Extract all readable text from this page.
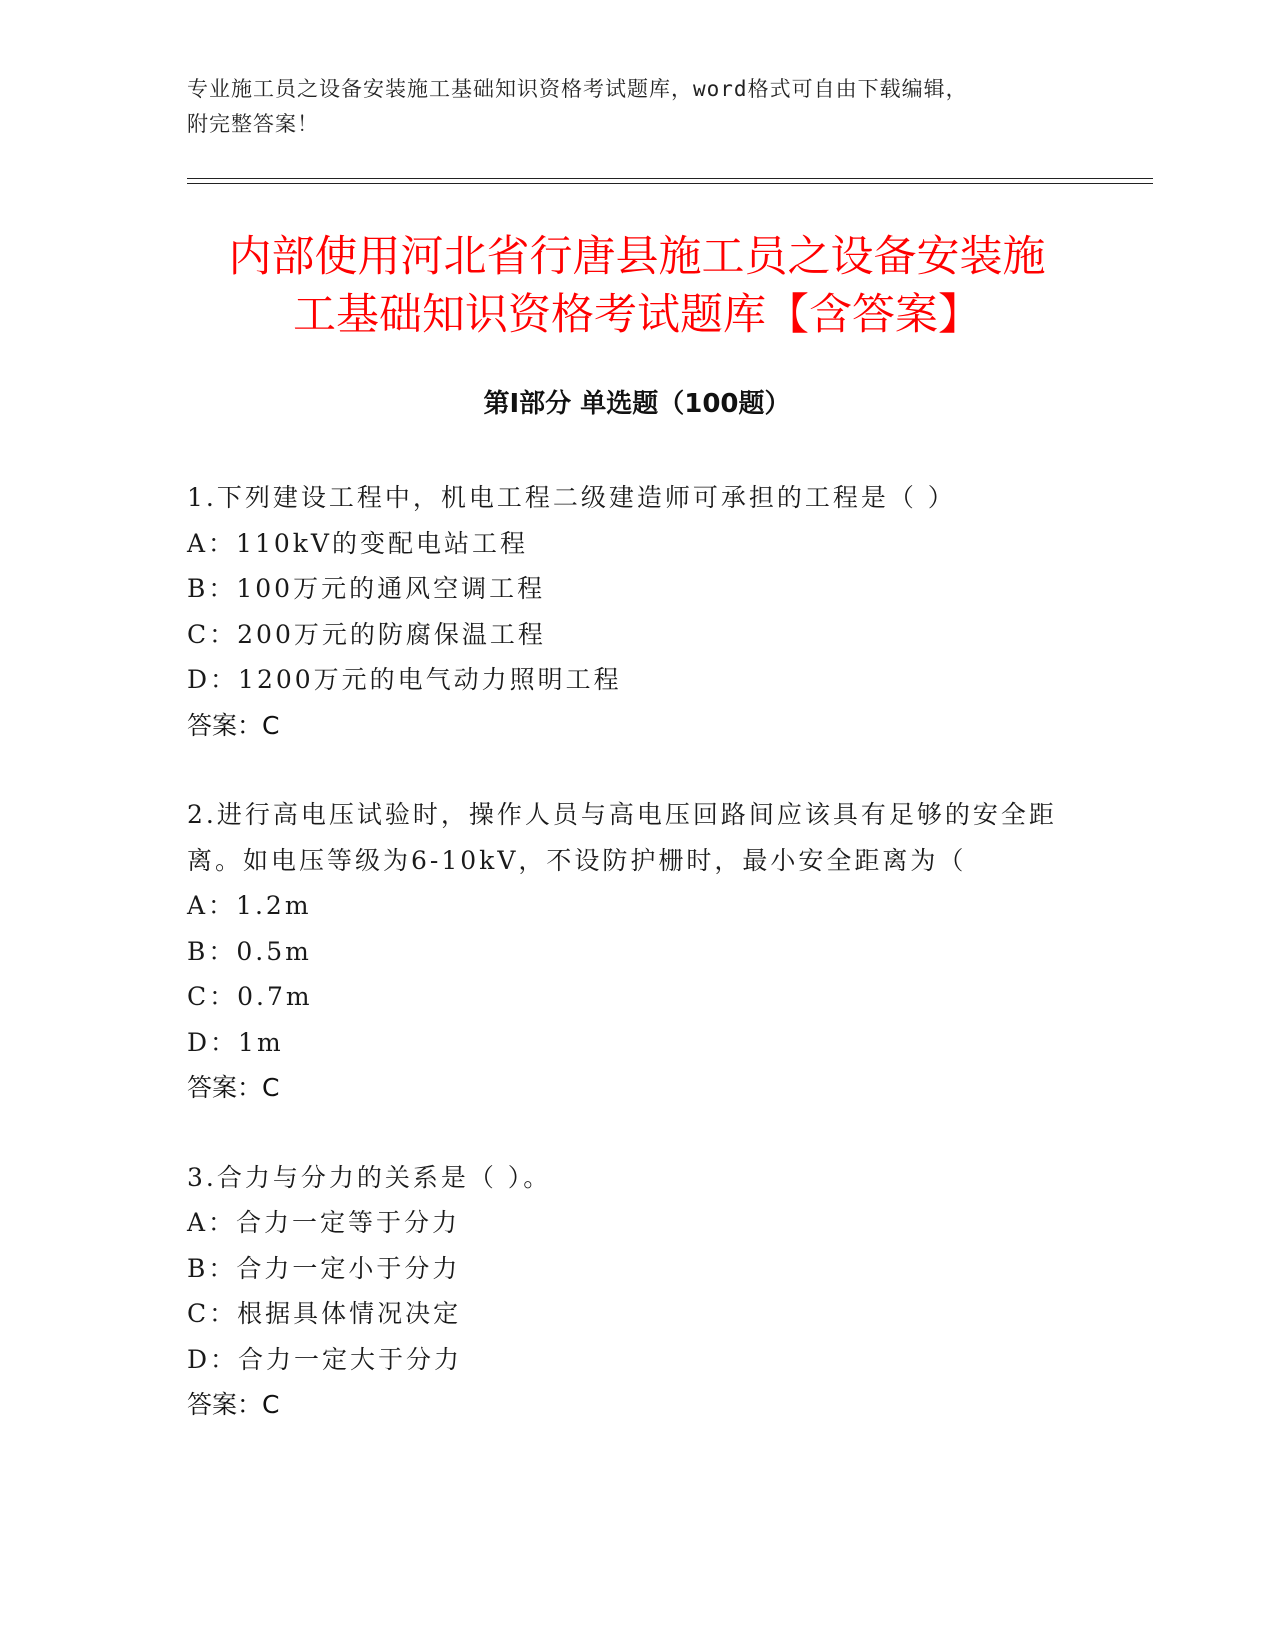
专业施工员之设备安装施工基础知识资格考试题库，word格式可自由下载编辑，
附完整答案！
内部使用河北省行唐县施工员之设备安装施
工基础知识资格考试题库【含答案】
第Ⅰ部分 单选题（100题）
1.下列建设工程中，机电工程二级建造师可承担的工程是（ ）
A：110kV的变配电站工程
B：100万元的通风空调工程
C：200万元的防腐保温工程
D：1200万元的电气动力照明工程
答案：C
2.进行高电压试验时，操作人员与高电压回路间应该具有足够的安全距离。如电压等级为6-10kV，不设防护栅时，最小安全距离为（
A：1.2m
B：0.5m
C：0.7m
D：1m
答案：C
3.合力与分力的关系是（ ）。
A：合力一定等于分力
B：合力一定小于分力
C：根据具体情况决定
D：合力一定大于分力
答案：C
